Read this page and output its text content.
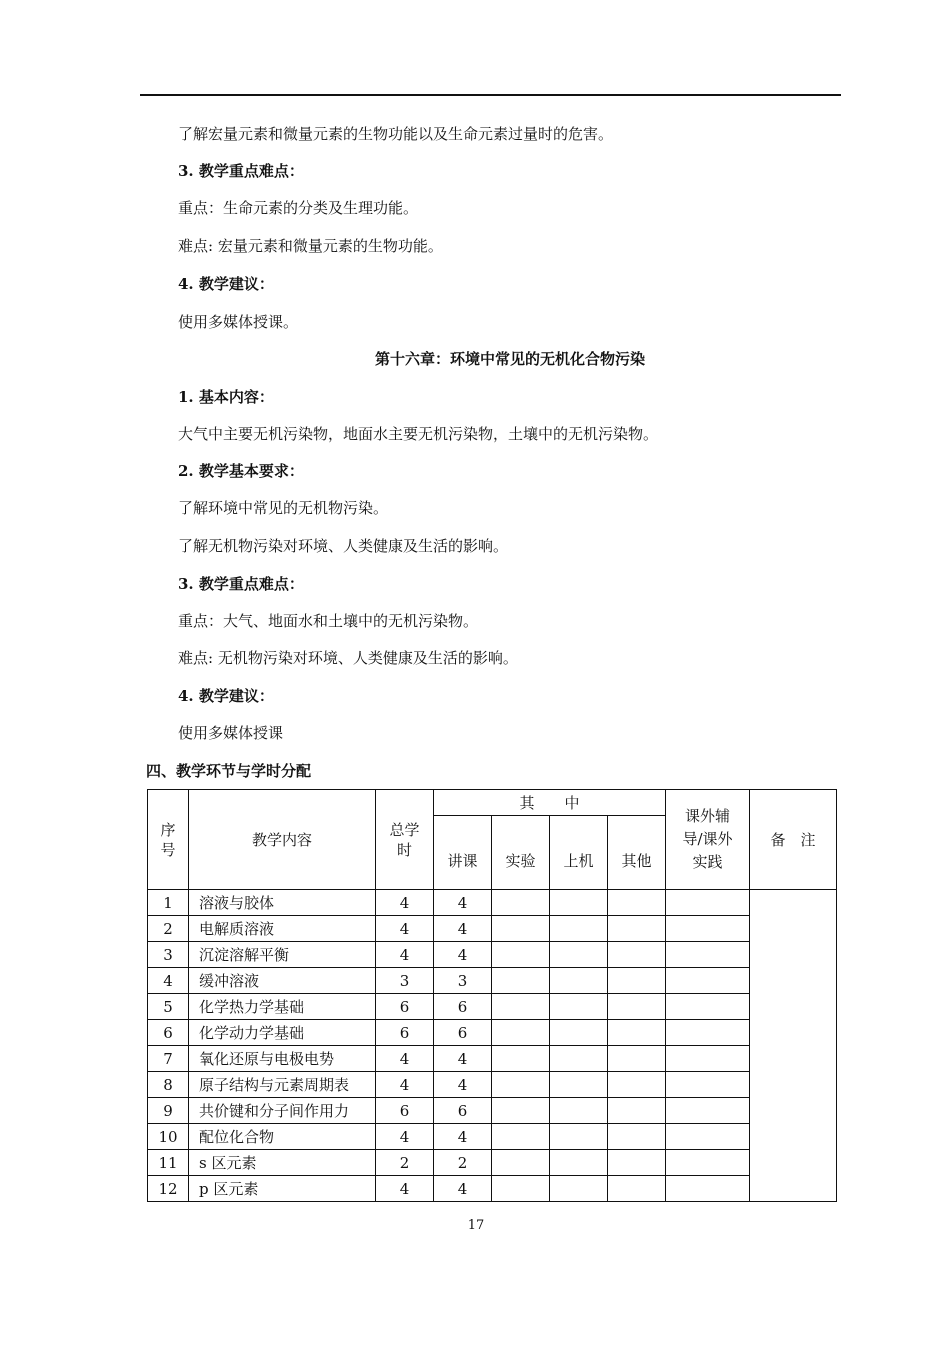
了解宏量元素和微量元素的生物功能以及生命元素过量时的危害。
3. 教学重点难点：
重点：生命元素的分类及生理功能。
难点: 宏量元素和微量元素的生物功能。
4. 教学建议：
使用多媒体授课。
第十六章：环境中常见的无机化合物污染
1. 基本内容：
大气中主要无机污染物，地面水主要无机污染物，土壤中的无机污染物。
2. 教学基本要求：
了解环境中常见的无机物污染。
了解无机物污染对环境、人类健康及生活的影响。
3. 教学重点难点：
重点：大气、地面水和土壤中的无机污染物。
难点: 无机物污染对环境、人类健康及生活的影响。
4. 教学建议：
使用多媒体授课
四、教学环节与学时分配
序号	教学内容	总学时	其　　中				课外辅导/课外实践	备　注
			讲课	实验	上机	其他		
1	溶液与胶体	4	4					
2	电解质溶液	4	4					
3	沉淀溶解平衡	4	4					
4	缓冲溶液	3	3					
5	化学热力学基础	6	6					
6	化学动力学基础	6	6					
7	氧化还原与电极电势	4	4					
8	原子结构与元素周期表	4	4					
9	共价键和分子间作用力	6	6					
10	配位化合物	4	4					
11	s 区元素	2	2					
12	p 区元素	4	4					
17
